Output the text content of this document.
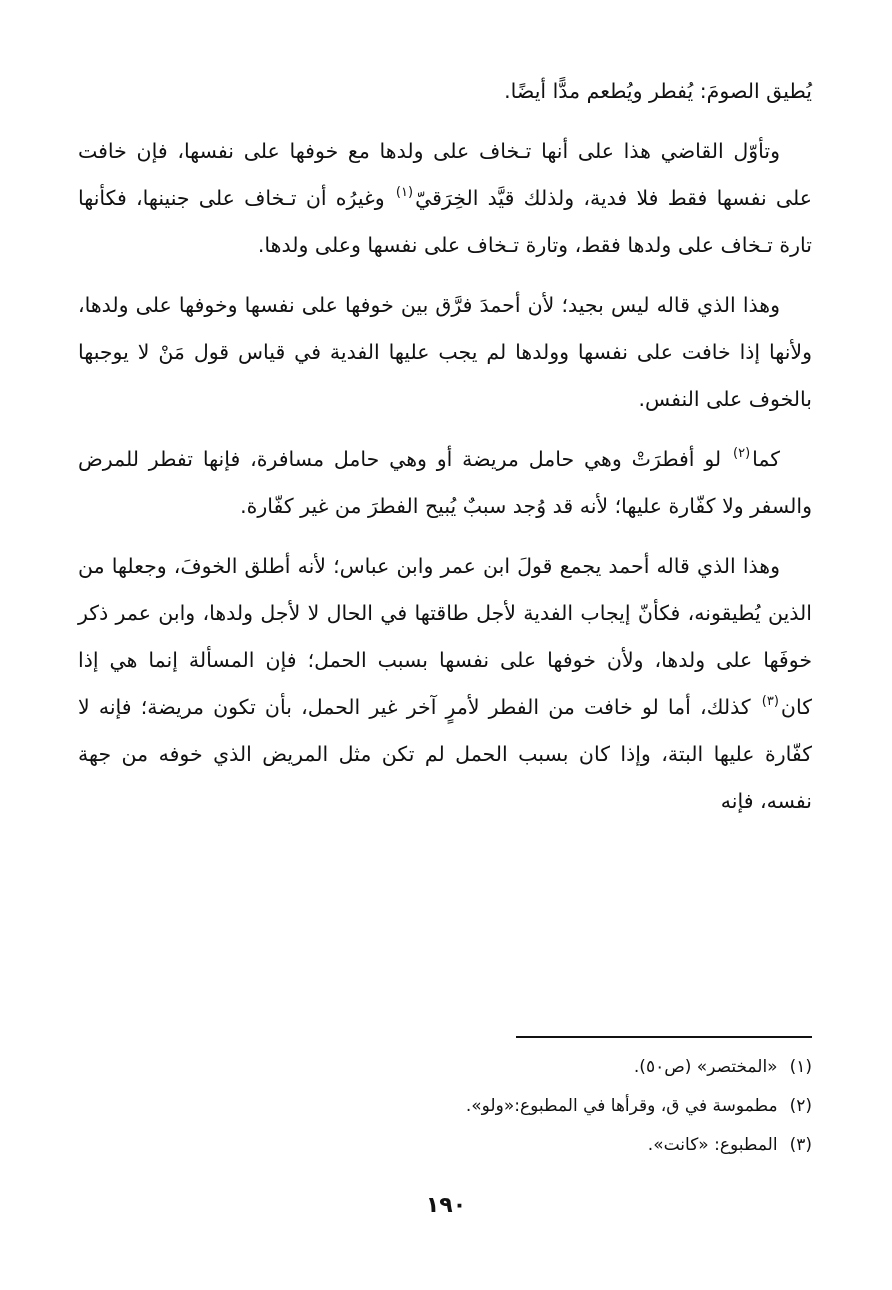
يُطيق الصومَ: يُفطر ويُطعم مدًّا أيضًا.

وتأوّل القاضي هذا على أنها تـخاف على ولدها مع خوفها على نفسها، فإن خافت على نفسها فقط فلا فدية، ولذلك قيَّد الخِرَقيّ$^{(١)}$ وغيرُه أن تـخاف على جنينها، فكأنها تارة تـخاف على ولدها فقط، وتارة تـخاف على نفسها وعلى ولدها.

وهذا الذي قاله ليس بجيد؛ لأن أحمدَ فرَّق بين خوفها على نفسها وخوفها على ولدها، ولأنها إذا خافت على نفسها وولدها لم يجب عليها الفدية في قياس قول مَنْ لا يوجبها بالخوف على النفس.

كما$^{(٢)}$ لو أفطرَتْ وهي حامل مريضة أو وهي حامل مسافرة، فإنها تفطر للمرض والسفر ولا كفّارة عليها؛ لأنه قد وُجد سببٌ يُبيح الفطرَ من غير كفّارة.

وهذا الذي قاله أحمد يجمع قولَ ابن عمر وابن عباس؛ لأنه أطلق الخوفَ، وجعلها من الذين يُطيقونه، فكأنّ إيجاب الفدية لأجل طاقتها في الحال لا لأجل ولدها، وابن عمر ذكر خوفَها على ولدها، ولأن خوفها على نفسها بسبب الحمل؛ فإن المسألة إنما هي إذا كان$^{(٣)}$ كذلك، أما لو خافت من الفطر لأمرٍ آخر غير الحمل، بأن تكون مريضة؛ فإنه لا كفّارة عليها البتة، وإذا كان بسبب الحمل لم تكن مثل المريض الذي خوفه من جهة نفسه، فإنه

(١)«المختصر» (ص٥٠).
(٢)مطموسة في ق، وقرأها في المطبوع:«ولو».
(٣)المطبوع: «كانت».
١٩٠
